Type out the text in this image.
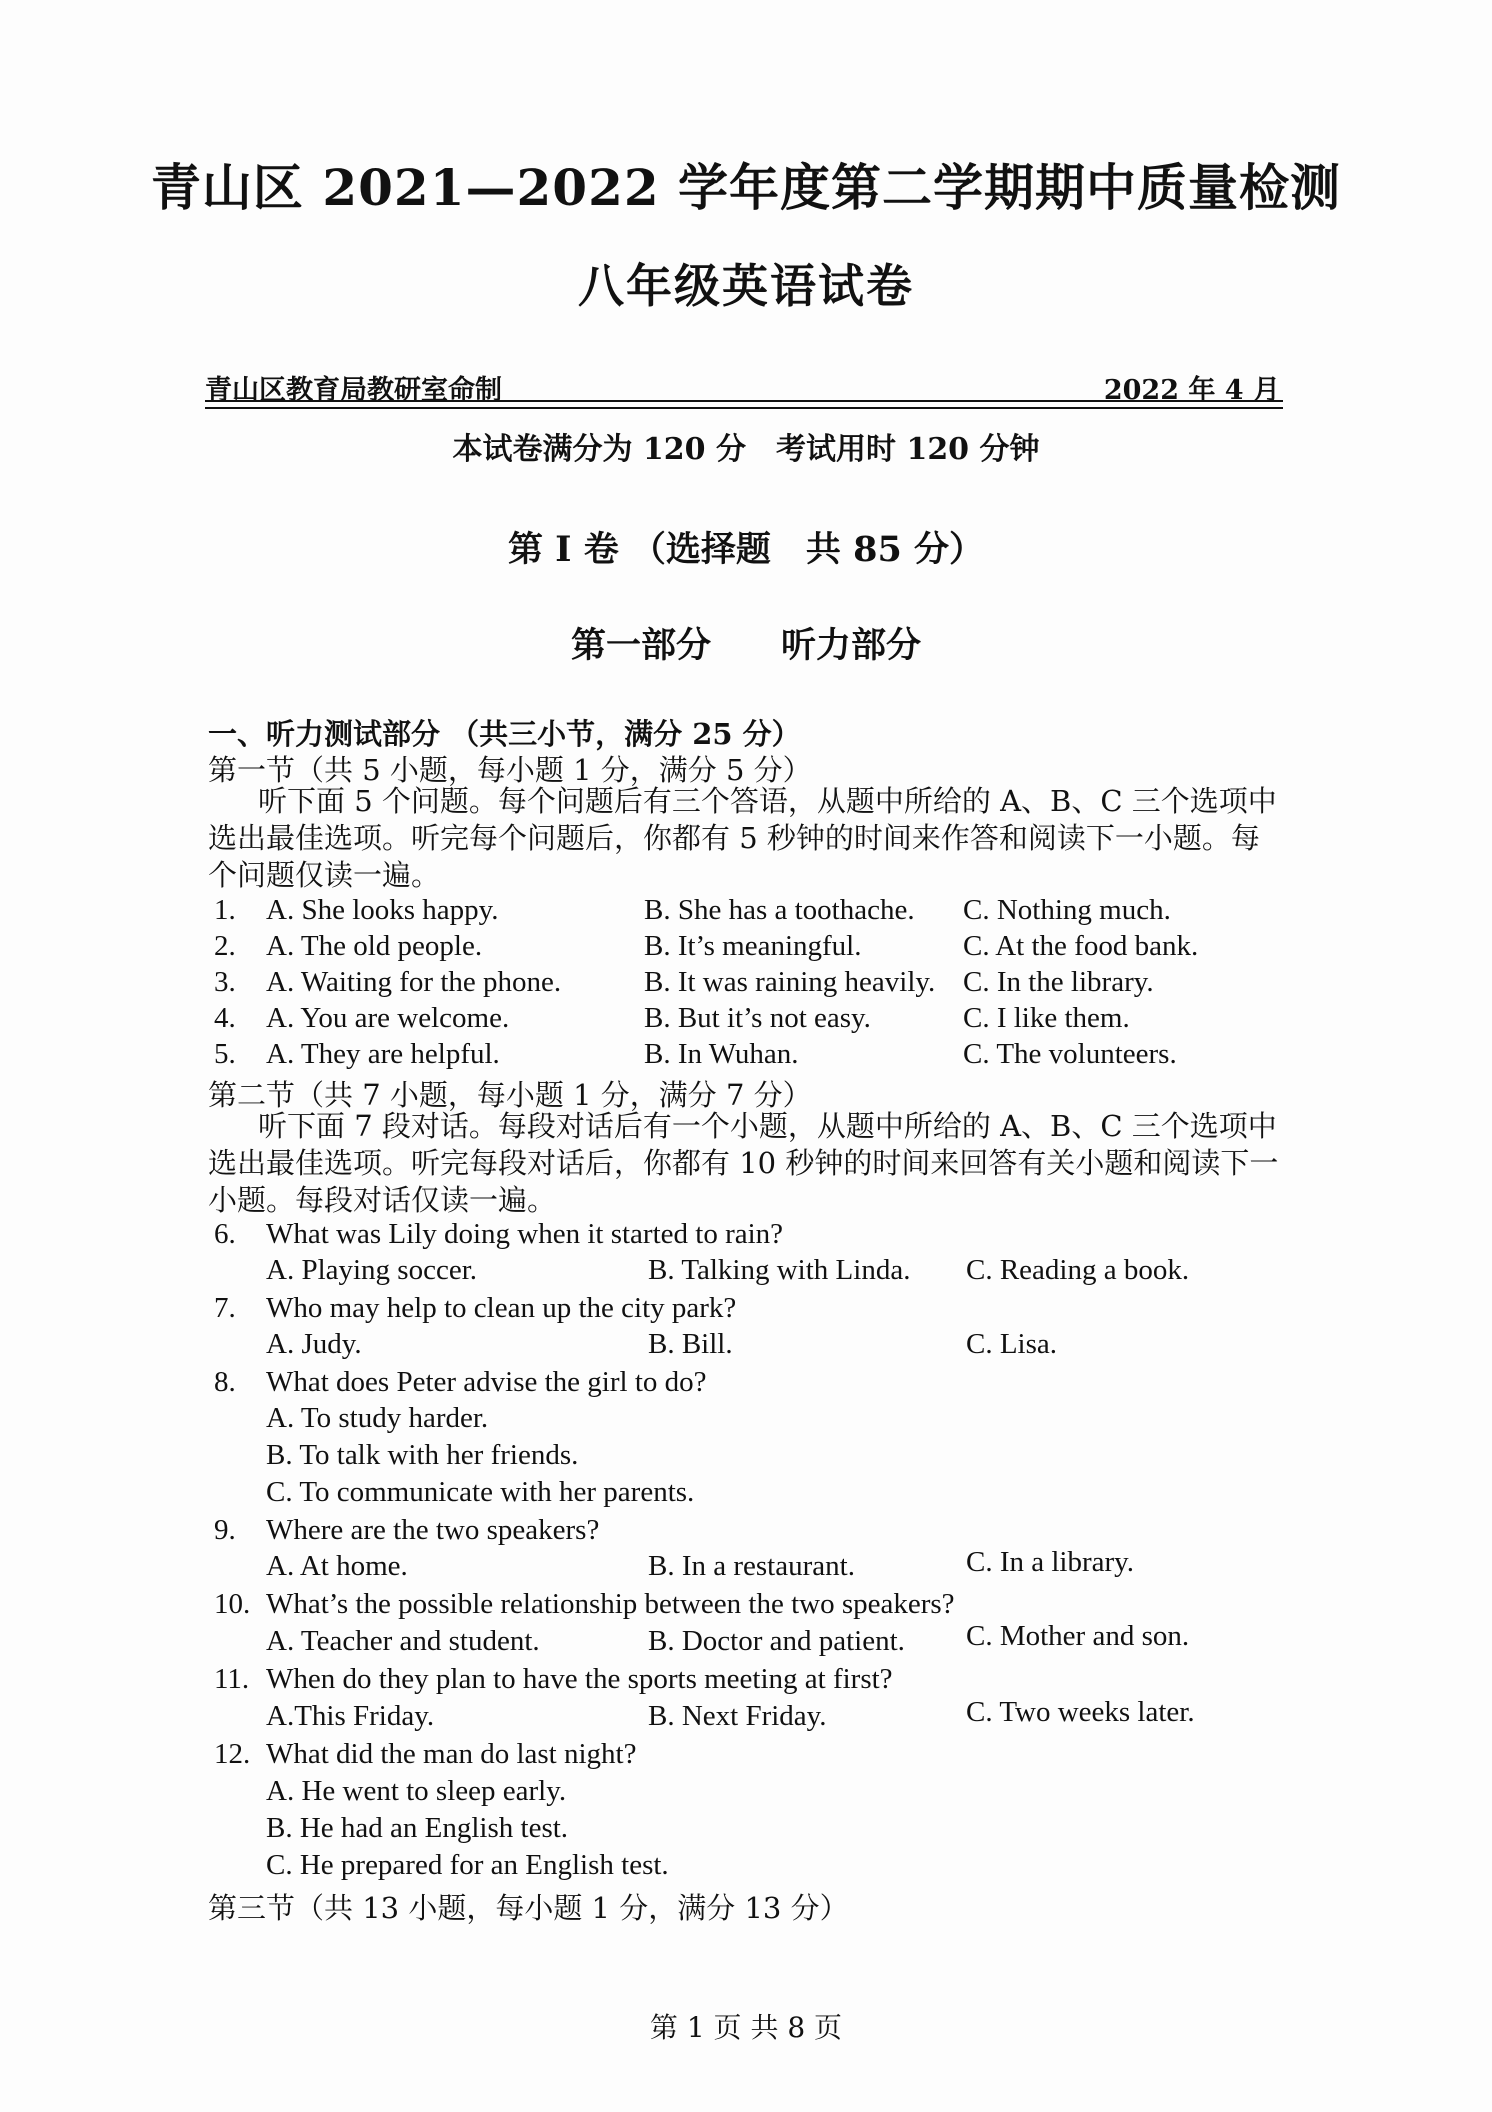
青山区 2021—2022 学年度第二学期期中质量检测
八年级英语试卷
青山区教育局教研室命制	2022 年 4 月
本试卷满分为 120 分　考试用时 120 分钟
第 I 卷 （选择题　共 85 分）
第一部分　　听力部分
一、听力测试部分 （共三小节，满分 25 分）
第一节（共 5 小题，每小题 1 分，满分 5 分）
听下面 5 个问题。每个问题后有三个答语，从题中所给的 A、B、C 三个选项中选出最佳选项。听完每个问题后，你都有 5 秒钟的时间来作答和阅读下一小题。每个问题仅读一遍。
1. A. She looks happy.	B. She has a toothache. C. Nothing much.
2. A. The old people.	B. It’s meaningful.	C. At the food bank.
3. A. Waiting for the phone.	B. It was raining heavily. C. In the library.
4. A. You are welcome.	B. But it’s not easy.	C. I like them.
5. A. They are helpful.	B. In Wuhan.	C. The volunteers.
第二节（共 7 小题，每小题 1 分，满分 7 分）
听下面 7 段对话。每段对话后有一个小题，从题中所给的 A、B、C 三个选项中选出最佳选项。听完每段对话后，你都有 10 秒钟的时间来回答有关小题和阅读下一小题。每段对话仅读一遍。
6. What was Lily doing when it started to rain?
A. Playing soccer.	B. Talking with Linda. C. Reading a book.
7. Who may help to clean up the city park?
A. Judy.	B. Bill.	C. Lisa.
8. What does Peter advise the girl to do?
A. To study harder.
B. To talk with her friends.
C. To communicate with her parents.
9. Where are the two speakers?
A. At home.	B. In a restaurant.	C. In a library.
10. What’s the possible relationship between the two speakers?
A. Teacher and student.	B. Doctor and patient. C. Mother and son.
11. When do they plan to have the sports meeting at first?
A.This Friday.	B. Next Friday.	C. Two weeks later.
12. What did the man do last night?
A. He went to sleep early.
B. He had an English test.
C. He prepared for an English test.
第三节（共 13 小题，每小题 1 分，满分 13 分）
第 1 页 共 8 页
